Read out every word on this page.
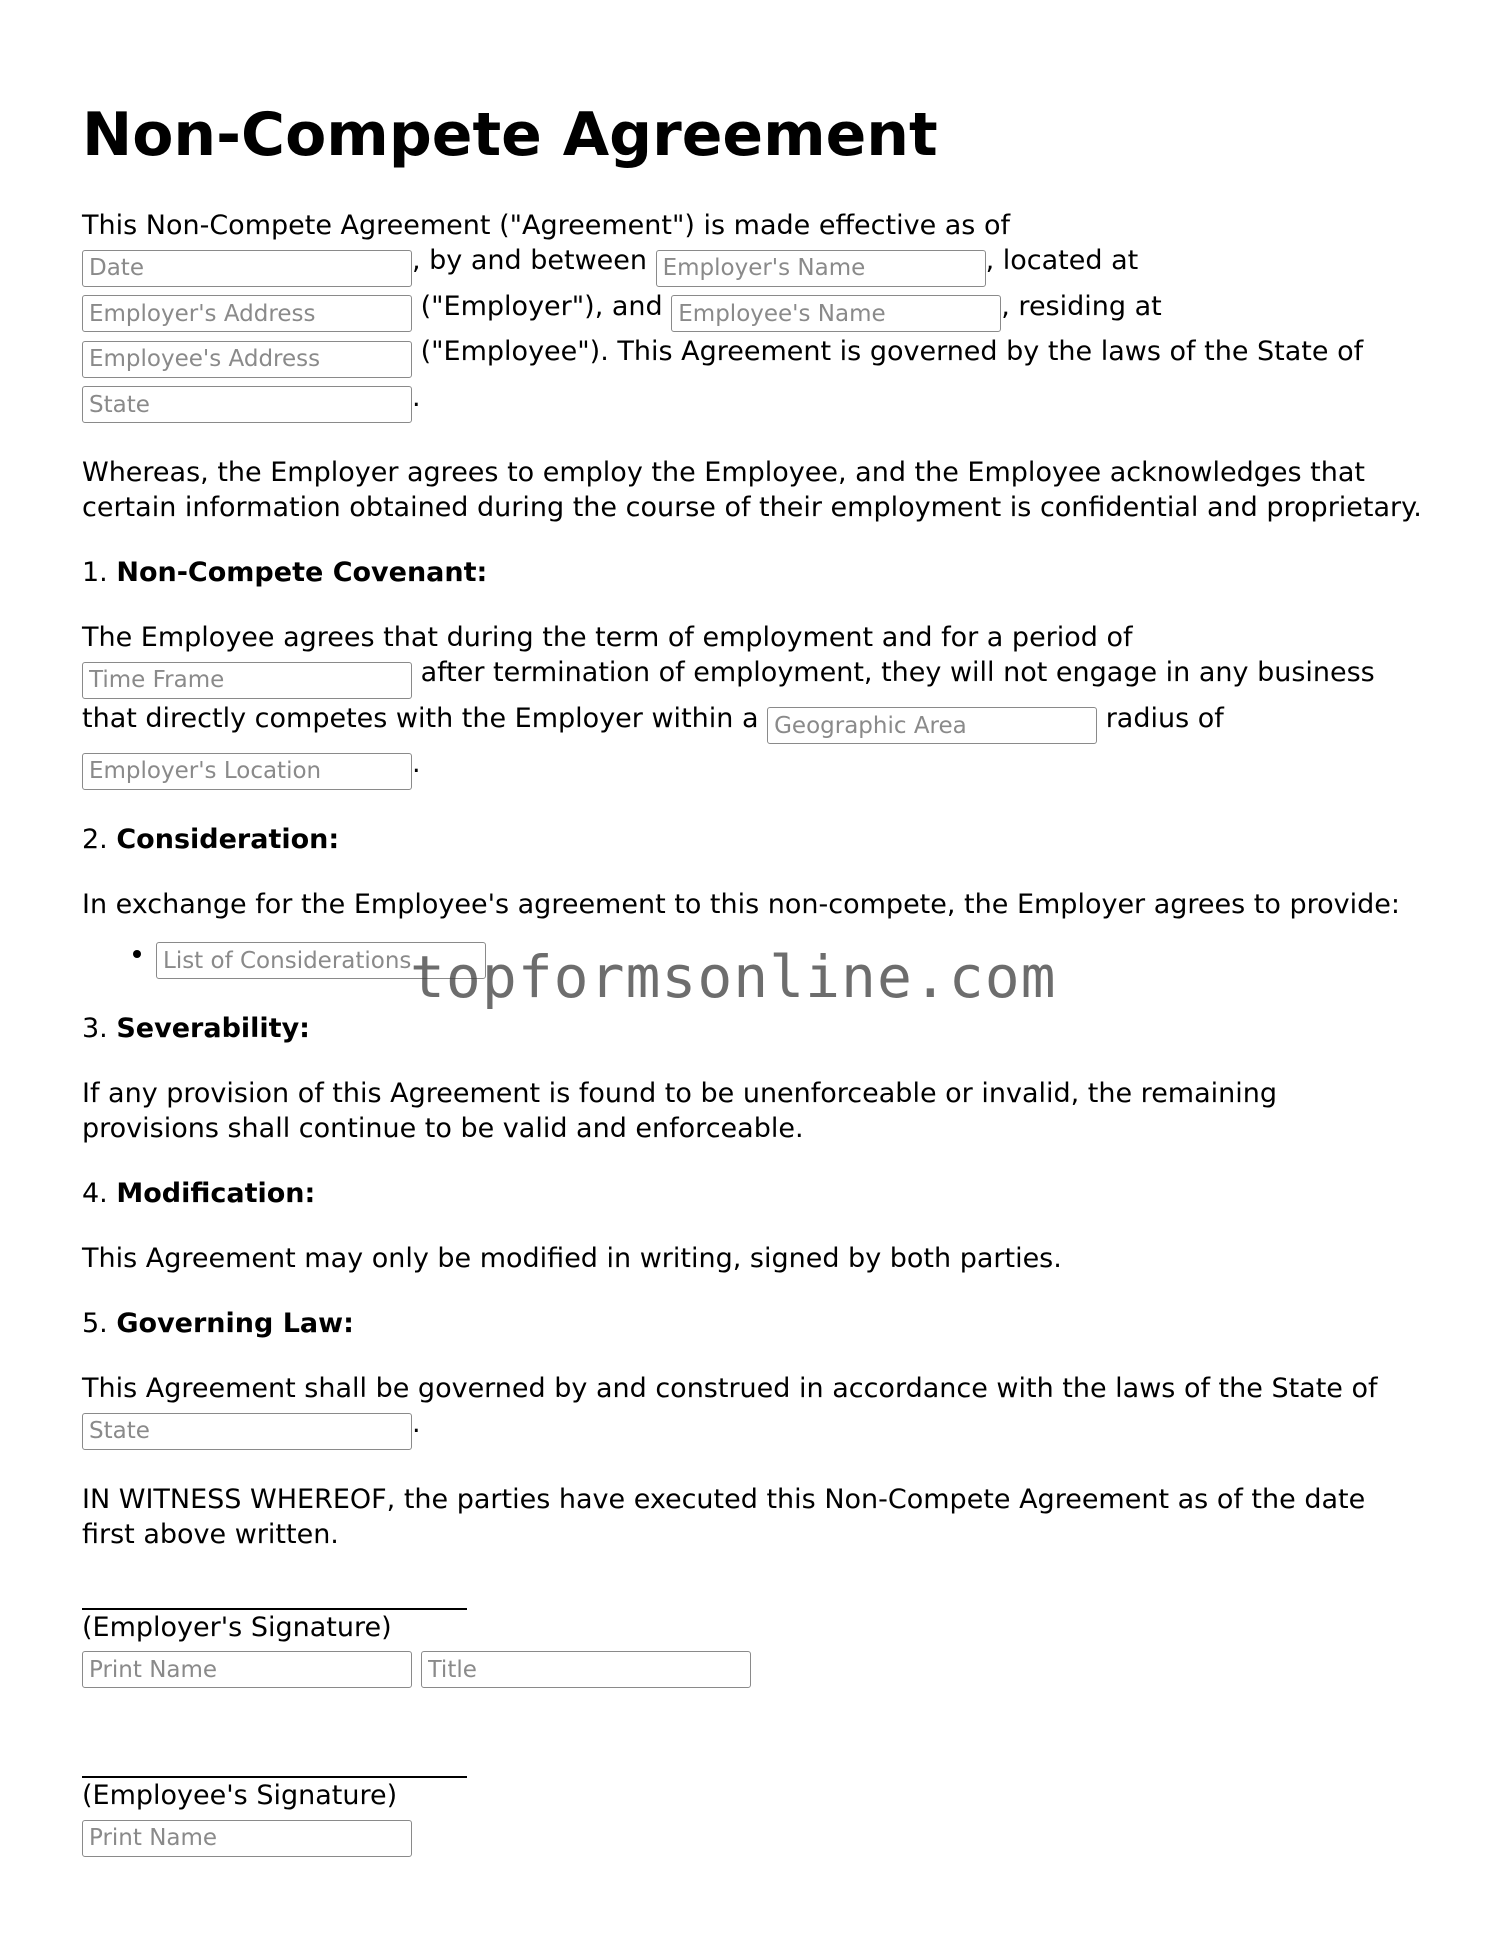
Non-Compete Agreement

This Non-Compete Agreement ("Agreement") is made effective as of
Date, by and between Employer's Name	, located at
Employer's Address ("Employer"), and Employee's Name	, residing at
Employee's Address ("Employee"). This Agreement is governed by the laws of the State of State.

Whereas, the Employer agrees to employ the Employee, and the Employee acknowledges that certain information obtained during the course of their employment is confidential and proprietary.

1. Non-Compete Covenant:

The Employee agrees that during the term of employment and for a period of Time Frame after termination of employment, they will not engage in any business that directly competes with the Employer within a Geographic Area	radius of Employer's Location.

2. Consideration:

In exchange for the Employee's agreement to this non-compete, the Employer agrees to provide:

• List of Considerations

3. Severability:

If any provision of this Agreement is found to be unenforceable or invalid, the remaining provisions shall continue to be valid and enforceable.

4. Modification:

This Agreement may only be modified in writing, signed by both parties.

5. Governing Law:

This Agreement shall be governed by and construed in accordance with the laws of the State of State.

IN WITNESS WHEREOF, the parties have executed this Non-Compete Agreement as of the date first above written.

(Employer's Signature)
Print Name Title
(Employee's Signature)
Print Name
topformsonline.com
